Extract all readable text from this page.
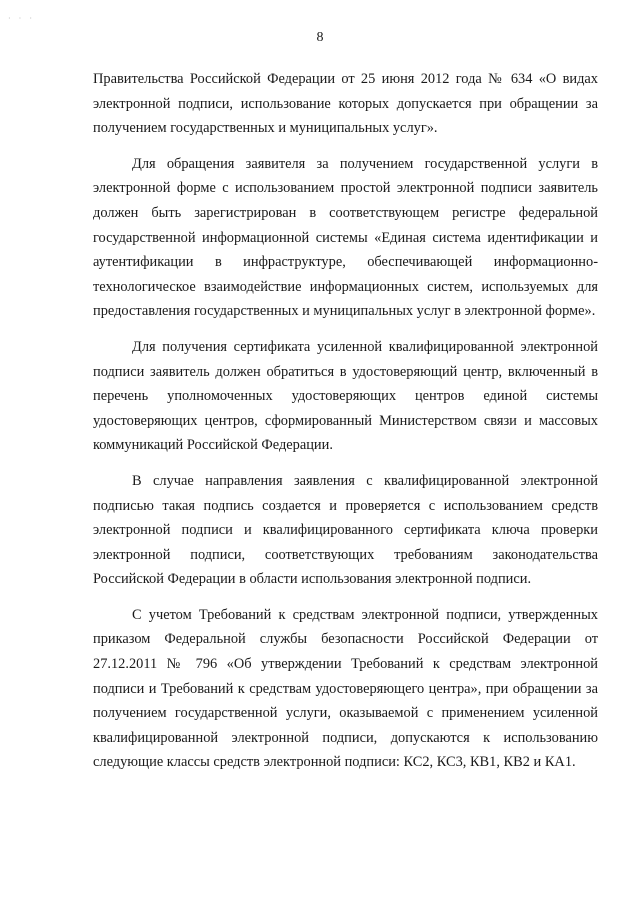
· · ·
8

Правительства Российской Федерации от 25 июня 2012 года № 634 «О видах электронной подписи, использование которых допускается при обращении за получением государственных и муниципальных услуг».

Для обращения заявителя за получением государственной услуги в электронной форме с использованием простой электронной подписи заявитель должен быть зарегистрирован в соответствующем регистре федеральной государственной информационной системы «Единая система идентификации и аутентификации в инфраструктуре, обеспечивающей информационно-технологическое взаимодействие информационных систем, используемых для предоставления государственных и муниципальных услуг в электронной форме».

Для получения сертификата усиленной квалифицированной электронной подписи заявитель должен обратиться в удостоверяющий центр, включенный в перечень уполномоченных удостоверяющих центров единой системы удостоверяющих центров, сформированный Министерством связи и массовых коммуникаций Российской Федерации.

В случае направления заявления с квалифицированной электронной подписью такая подпись создается и проверяется с использованием средств электронной подписи и квалифицированного сертификата ключа проверки электронной подписи, соответствующих требованиям законодательства Российской Федерации в области использования электронной подписи.

С учетом Требований к средствам электронной подписи, утвержденных приказом Федеральной службы безопасности Российской Федерации от 27.12.2011 № 796 «Об утверждении Требований к средствам электронной подписи и Требований к средствам удостоверяющего центра», при обращении за получением государственной услуги, оказываемой с применением усиленной квалифицированной электронной подписи, допускаются к использованию следующие классы средств электронной подписи: КС2, КС3, КВ1, КВ2 и КА1.
